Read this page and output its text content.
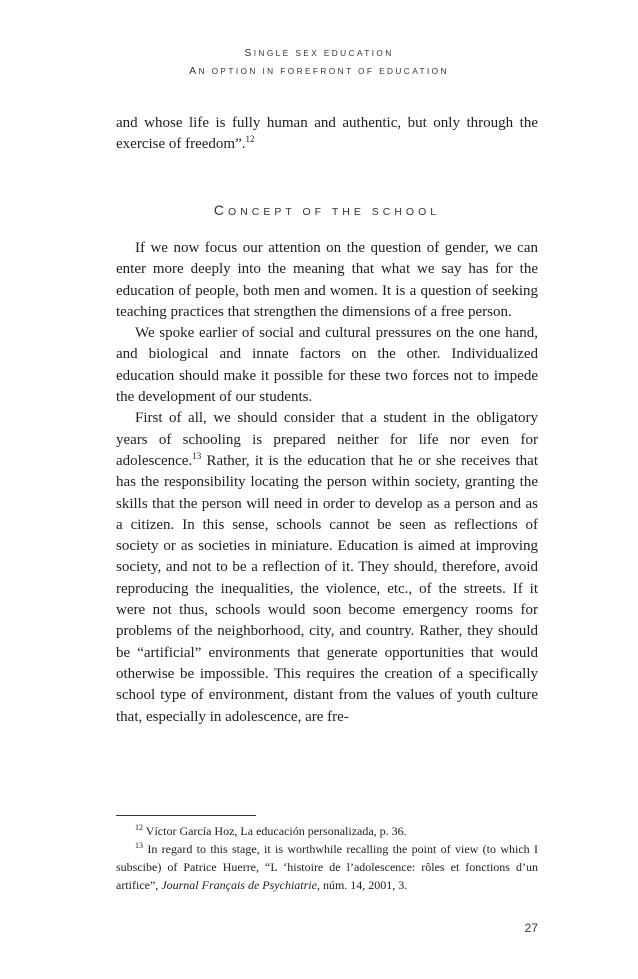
SINGLE SEX EDUCATION
AN OPTION IN FOREFRONT OF EDUCATION

and whose life is fully human and authentic, but only through the exercise of freedom”.$^{12}$

CONCEPT OF THE SCHOOL

If we now focus our attention on the question of gender, we can enter more deeply into the meaning that what we say has for the education of people, both men and women. It is a question of seeking teaching practices that strengthen the dimensions of a free person.

We spoke earlier of social and cultural pressures on the one hand, and biological and innate factors on the other. Individualized education should make it possible for these two forces not to impede the development of our students.

First of all, we should consider that a student in the obligatory years of schooling is prepared neither for life nor even for adolescence.$^{13}$ Rather, it is the education that he or she receives that has the responsibility locating the person within society, granting the skills that the person will need in order to develop as a person and as a citizen. In this sense, schools cannot be seen as reflections of society or as societies in miniature. Education is aimed at improving society, and not to be a reflection of it. They should, therefore, avoid reproducing the inequalities, the violence, etc., of the streets. If it were not thus, schools would soon become emergency rooms for problems of the neighborhood, city, and country. Rather, they should be “artificial” environments that generate opportunities that would otherwise be impossible. This requires the creation of a specifically school type of environment, distant from the values of youth culture that, especially in adolescence, are fre-

$^{12}$ Víctor García Hoz, La educación personalizada, p. 36.

$^{13}$ In regard to this stage, it is worthwhile recalling the point of view (to which I subscibe) of Patrice Huerre, “L ‘histoire de l’adolescence: rôles et fonctions d’un artifice”, Journal Français de Psychiatrie, núm. 14, 2001, 3.

27
